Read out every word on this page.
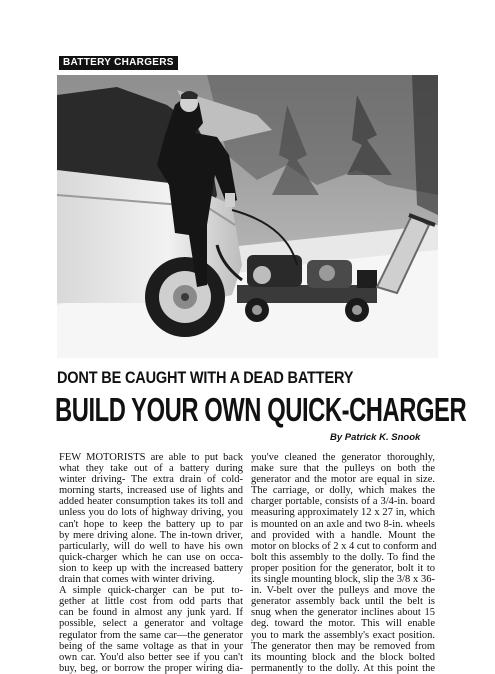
BATTERY CHARGERS
DONT BE CAUGHT WITH A DEAD BATTERY
BUILD YOUR OWN QUICK-CHARGER
By Patrick K. Snook
FEW MOTORISTS are able to put back
what they take out of a battery during
winter driving- The extra drain of cold-
morning starts, increased use of lights and
added heater consumption takes its toll and
unless you do lots of highway driving, you
can't hope to keep the battery up to par
by mere driving alone. The in-town driver,
particularly, will do well to have his own
quick-charger which he can use on occa-
sion to keep up with the increased battery
drain that comes with winter driving.
A simple quick-charger can be put to-
gether at little cost from odd parts that
can be found in almost any junk yard. If
possible, select a generator and voltage
regulator from the same car—the generator
being of the same voltage as that in your
own car. You'd also better see if you can't
buy, beg, or borrow the proper wiring dia-
you've cleaned the generator thoroughly,
make sure that the pulleys on both the
generator and the motor are equal in size.
The carriage, or dolly, which makes the
charger portable, consists of a 3/4-in. board
measuring approximately 12 x 27 in, which
is mounted on an axle and two 8-in. wheels
and provided with a handle. Mount the
motor on blocks of 2 x 4 cut to conform and
bolt this assembly to the dolly. To find the
proper position for the generator, bolt it to
its single mounting block, slip the 3/8 x 36-
in. V-belt over the pulleys and move the
generator assembly back until the belt is
snug when the generator inclines about 15
deg. toward the motor. This will enable
you to mark the assembly's exact position.
The generator then may be removed from
its mounting block and the block bolted
permanently to the dolly. At this point the
